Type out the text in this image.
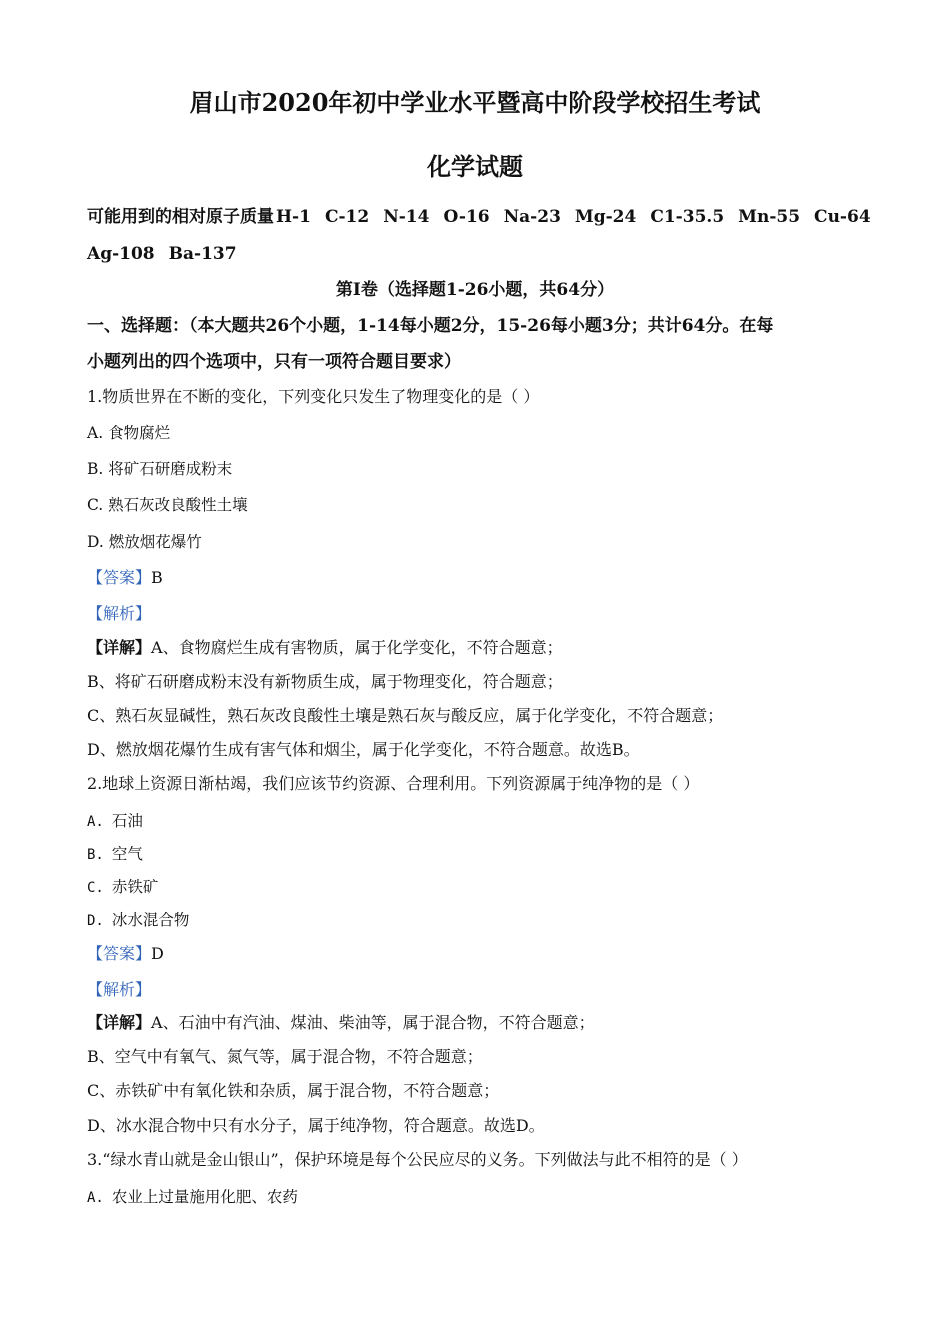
眉山市2020年初中学业水平暨高中阶段学校招生考试
化学试题
可能用到的相对原子质量 H-1 C-12 N-14 O-16 Na-23 Mg-24 C1-35.5 Mn-55 Cu-64
Ag-108 Ba-137
第I卷（选择题1-26小题，共64分）
一、选择题：（本大题共26个小题，1-14每小题2分，15-26每小题3分；共计64分。在每
小题列出的四个选项中，只有一项符合题目要求）
1.物质世界在不断的变化，下列变化只发生了物理变化的是（ ）
A. 食物腐烂
B. 将矿石研磨成粉末
C. 熟石灰改良酸性土壤
D. 燃放烟花爆竹
【答案】B
【解析】
【详解】A、食物腐烂生成有害物质，属于化学变化，不符合题意；
B、将矿石研磨成粉末没有新物质生成，属于物理变化，符合题意；
C、熟石灰显碱性，熟石灰改良酸性土壤是熟石灰与酸反应，属于化学变化，不符合题意；
D、燃放烟花爆竹生成有害气体和烟尘，属于化学变化，不符合题意。故选B。
2.地球上资源日渐枯竭，我们应该节约资源、合理利用。下列资源属于纯净物的是（ ）
A. 石油
B. 空气
C. 赤铁矿
D. 冰水混合物
【答案】D
【解析】
【详解】A、石油中有汽油、煤油、柴油等，属于混合物，不符合题意；
B、空气中有氧气、氮气等，属于混合物，不符合题意；
C、赤铁矿中有氧化铁和杂质，属于混合物，不符合题意；
D、冰水混合物中只有水分子，属于纯净物，符合题意。故选D。
3.“绿水青山就是金山银山”，保护环境是每个公民应尽的义务。下列做法与此不相符的是（ ）
A. 农业上过量施用化肥、农药
